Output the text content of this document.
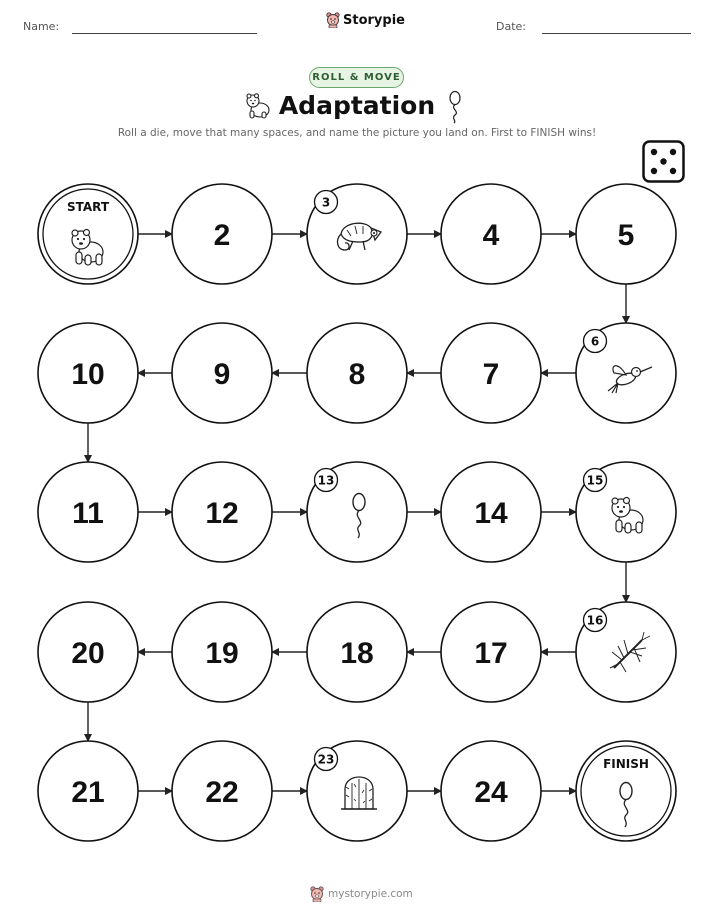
Name:	Storypie	Date:
ROLL & MOVE
Adaptation
Roll a die, move that many spaces, and name the picture you land on. First to FINISH wins!
START
2
3
4	5
6
7
8
9
10
11	12
13
14
15
16
17
18
19
20
21	22
23
24
FINISH
mystorypie.com
